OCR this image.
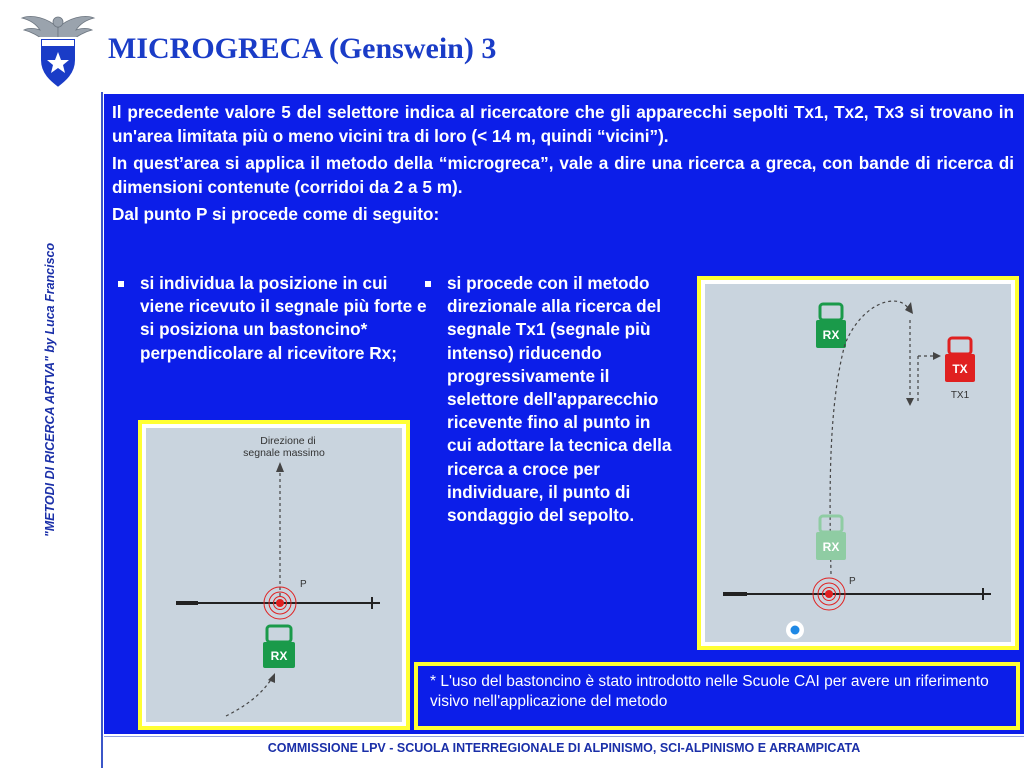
"METODI DI RICERCA ARTVA" by Luca Francisco
MICROGRECA (Genswein) 3

Il precedente valore 5 del selettore indica al ricercatore che gli apparecchi sepolti Tx1, Tx2, Tx3 si trovano in un'area limitata più o meno vicini tra di loro (< 14 m, quindi “vicini”).

In quest’area si applica il metodo della “microgreca”, vale a dire una ricerca a greca, con bande di ricerca di dimensioni contenute (corridoi da 2 a 5 m).

Dal punto P si procede come di seguito:

si individua la posizione in cui viene ricevuto il segnale più forte e si posiziona un bastoncino* perpendicolare al ricevitore Rx;
si procede con il metodo direzionale alla ricerca del segnale Tx1 (segnale più intenso) riducendo progressivamente il selettore dell'apparecchio ricevente fino al punto in cui adottare la tecnica della ricerca a croce per individuare, il punto di sondaggio del sepolto.
Direzione di
segnale massimo
P
RX
RX
TX
TX1
RX
P
* L'uso del bastoncino è stato introdotto nelle Scuole CAI per avere un riferimento visivo nell'applicazione del metodo
COMMISSIONE LPV - SCUOLA INTERREGIONALE DI ALPINISMO, SCI-ALPINISMO E ARRAMPICATA
